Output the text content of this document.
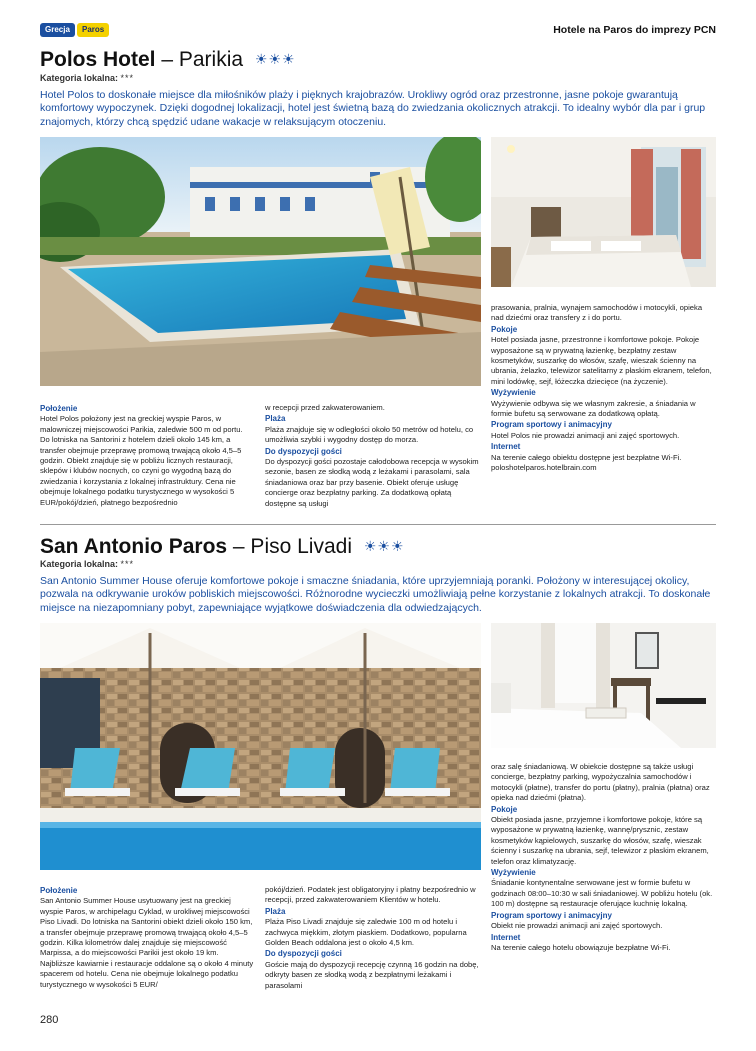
Grecja	Paros	Hotele na Paros do imprezy PCN
Polos Hotel – Parikia ☀☀☀
Kategoria lokalna: ***
Hotel Polos to doskonałe miejsce dla miłośników plaży i pięknych krajobrazów. Urokliwy ogród oraz przestronne, jasne pokoje gwarantują komfortowy wypoczynek. Dzięki dogodnej lokalizacji, hotel jest świetną bazą do zwiedzania okolicznych atrakcji. To idealny wybór dla par i grup znajomych, którzy chcą spędzić udane wakacje w relaksującym otoczeniu.
Położenie

Hotel Polos położony jest na greckiej wyspie Paros, w malowniczej miejscowości Parikia, zaledwie 500 m od portu. Do lotniska na Santorini z hotelem dzieli około 145 km, a transfer obejmuje przeprawę promową trwającą około 4,5–5 godzin. Obiekt znajduje się w pobliżu licznych restauracji, sklepów i klubów nocnych, co czyni go wygodną bazą do zwiedzania i korzystania z lokalnej infrastruktury. Cena nie obejmuje lokalnego podatku turystycznego w wysokości 5 EUR/pokój/dzień, płatnego bezpośrednio

w recepcji przed zakwaterowaniem.

Plaża

Plaża znajduje się w odległości około 50 metrów od hotelu, co umożliwia szybki i wygodny dostęp do morza.

Do dyspozycji gości

Do dyspozycji gości pozostaje całodobowa recepcja w wysokim sezonie, basen ze słodką wodą z leżakami i parasolami, sala śniadaniowa oraz bar przy basenie. Obiekt oferuje usługę concierge oraz bezpłatny parking. Za dodatkową opłatą dostępne są usługi

prasowania, pralnia, wynajem samochodów i motocykli, opieka nad dziećmi oraz transfery z i do portu.

Pokoje

Hotel posiada jasne, przestronne i komfortowe pokoje. Pokoje wyposażone są w prywatną łazienkę, bezpłatny zestaw kosmetyków, suszarkę do włosów, szafę, wieszak ścienny na ubrania, żelazko, telewizor satelitarny z płaskim ekranem, telefon, mini lodówkę, sejf, łóżeczka dziecięce (na życzenie).

Wyżywienie

Wyżywienie odbywa się we własnym zakresie, a śniadania w formie bufetu są serwowane za dodatkową opłatą.

Program sportowy i animacyjny

Hotel Polos nie prowadzi animacji ani zajęć sportowych.

Internet

Na terenie całego obiektu dostępne jest bezpłatne Wi-Fi.

poloshotelparos.hotelbrain.com

San Antonio Paros – Piso Livadi ☀☀☀
Kategoria lokalna: ***
San Antonio Summer House oferuje komfortowe pokoje i smaczne śniadania, które uprzyjemniają poranki. Położony w interesującej okolicy, pozwala na odkrywanie uroków pobliskich miejscowości. Różnorodne wycieczki umożliwiają pełne korzystanie z lokalnych atrakcji. To doskonałe miejsce na niezapomniany pobyt, zapewniające wyjątkowe doświadczenia dla odwiedzających.
Położenie

San Antonio Summer House usytuowany jest na greckiej wyspie Paros, w archipelagu Cyklad, w urokliwej miejscowości Piso Livadi. Do lotniska na Santorini obiekt dzieli około 150 km, a transfer obejmuje przeprawę promową trwającą około 4,5–5 godzin. Kilka kilometrów dalej znajduje się miejscowość Marpissa, a do miejscowości Parikii jest około 19 km. Najbliższe kawiarnie i restauracje oddalone są o około 4 minuty spacerem od hotelu. Cena nie obejmuje lokalnego podatku turystycznego w wysokości 5 EUR/

pokój/dzień. Podatek jest obligatoryjny i płatny bezpośrednio w recepcji, przed zakwaterowaniem Klientów w hotelu.

Plaża

Plaża Piso Livadi znajduje się zaledwie 100 m od hotelu i zachwyca miękkim, złotym piaskiem. Dodatkowo, popularna Golden Beach oddalona jest o około 4,5 km.

Do dyspozycji gości

Goście mają do dyspozycji recepcję czynną 16 godzin na dobę, odkryty basen ze słodką wodą z bezpłatnymi leżakami i parasolami

oraz salę śniadaniową. W obiekcie dostępne są także usługi concierge, bezpłatny parking, wypożyczalnia samochodów i motocykli (płatne), transfer do portu (płatny), pralnia (płatna) oraz opieka nad dziećmi (płatna).

Pokoje

Obiekt posiada jasne, przyjemne i komfortowe pokoje, które są wyposażone w prywatną łazienkę, wannę/prysznic, zestaw kosmetyków kąpielowych, suszarkę do włosów, szafę, wieszak ścienny i suszarkę na ubrania, sejf, telewizor z płaskim ekranem, telefon oraz klimatyzację.

Wyżywienie

Śniadanie kontynentalne serwowane jest w formie bufetu w godzinach 08:00–10:30 w sali śniadaniowej. W pobliżu hotelu (ok. 100 m) dostępne są restauracje oferujące kuchnię lokalną.

Program sportowy i animacyjny

Obiekt nie prowadzi animacji ani zajęć sportowych.

Internet

Na terenie całego hotelu obowiązuje bezpłatne Wi-Fi.

280
